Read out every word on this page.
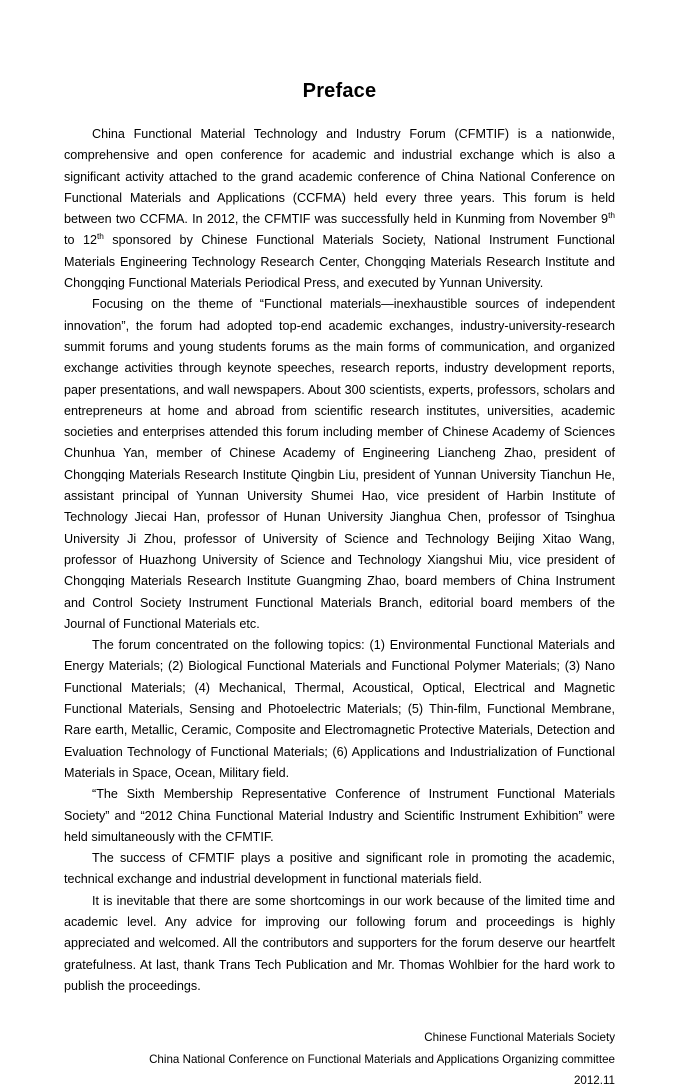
Preface

China Functional Material Technology and Industry Forum (CFMTIF) is a nationwide, comprehensive and open conference for academic and industrial exchange which is also a significant activity attached to the grand academic conference of China National Conference on Functional Materials and Applications (CCFMA) held every three years. This forum is held between two CCFMA. In 2012, the CFMTIF was successfully held in Kunming from November 9th to 12th sponsored by Chinese Functional Materials Society, National Instrument Functional Materials Engineering Technology Research Center, Chongqing Materials Research Institute and Chongqing Functional Materials Periodical Press, and executed by Yunnan University.

Focusing on the theme of “Functional materials—inexhaustible sources of independent innovation”, the forum had adopted top-end academic exchanges, industry-university-research summit forums and young students forums as the main forms of communication, and organized exchange activities through keynote speeches, research reports, industry development reports, paper presentations, and wall newspapers. About 300 scientists, experts, professors, scholars and entrepreneurs at home and abroad from scientific research institutes, universities, academic societies and enterprises attended this forum including member of Chinese Academy of Sciences Chunhua Yan, member of Chinese Academy of Engineering Liancheng Zhao, president of Chongqing Materials Research Institute Qingbin Liu, president of Yunnan University Tianchun He, assistant principal of Yunnan University Shumei Hao, vice president of Harbin Institute of Technology Jiecai Han, professor of Hunan University Jianghua Chen, professor of Tsinghua University Ji Zhou, professor of University of Science and Technology Beijing Xitao Wang, professor of Huazhong University of Science and Technology Xiangshui Miu, vice president of Chongqing Materials Research Institute Guangming Zhao, board members of China Instrument and Control Society Instrument Functional Materials Branch, editorial board members of the Journal of Functional Materials etc.

The forum concentrated on the following topics: (1) Environmental Functional Materials and Energy Materials; (2) Biological Functional Materials and Functional Polymer Materials; (3) Nano Functional Materials; (4) Mechanical, Thermal, Acoustical, Optical, Electrical and Magnetic Functional Materials, Sensing and Photoelectric Materials; (5) Thin-film, Functional Membrane, Rare earth, Metallic, Ceramic, Composite and Electromagnetic Protective Materials, Detection and Evaluation Technology of Functional Materials; (6) Applications and Industrialization of Functional Materials in Space, Ocean, Military field.

“The Sixth Membership Representative Conference of Instrument Functional Materials Society” and “2012 China Functional Material Industry and Scientific Instrument Exhibition” were held simultaneously with the CFMTIF.

The success of CFMTIF plays a positive and significant role in promoting the academic, technical exchange and industrial development in functional materials field.

It is inevitable that there are some shortcomings in our work because of the limited time and academic level. Any advice for improving our following forum and proceedings is highly appreciated and welcomed. All the contributors and supporters for the forum deserve our heartfelt gratefulness. At last, thank Trans Tech Publication and Mr. Thomas Wohlbier for the hard work to publish the proceedings.

Chinese Functional Materials Society

China National Conference on Functional Materials and Applications Organizing committee

2012.11
